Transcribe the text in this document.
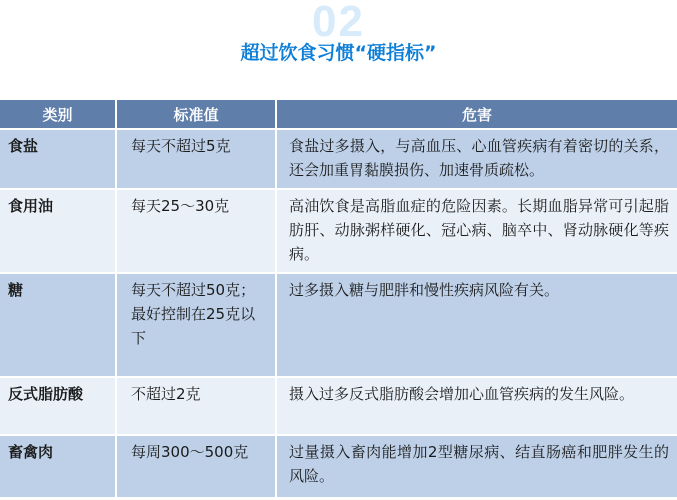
02
超过饮食习惯“硬指标”
类别	标准值	危害
食盐	每天不超过5克	食盐过多摄入，与高血压、心血管疾病有着密切的关系，还会加重胃黏膜损伤、加速骨质疏松。
食用油	每天25～30克	高油饮食是高脂血症的危险因素。长期血脂异常可引起脂肪肝、动脉粥样硬化、冠心病、脑卒中、肾动脉硬化等疾病。
糖	每天不超过50克；最好控制在25克以下	过多摄入糖与肥胖和慢性疾病风险有关。
反式脂肪酸	不超过2克	摄入过多反式脂肪酸会增加心血管疾病的发生风险。
畜禽肉	每周300～500克	过量摄入畜肉能增加2型糖尿病、结直肠癌和肥胖发生的风险。
